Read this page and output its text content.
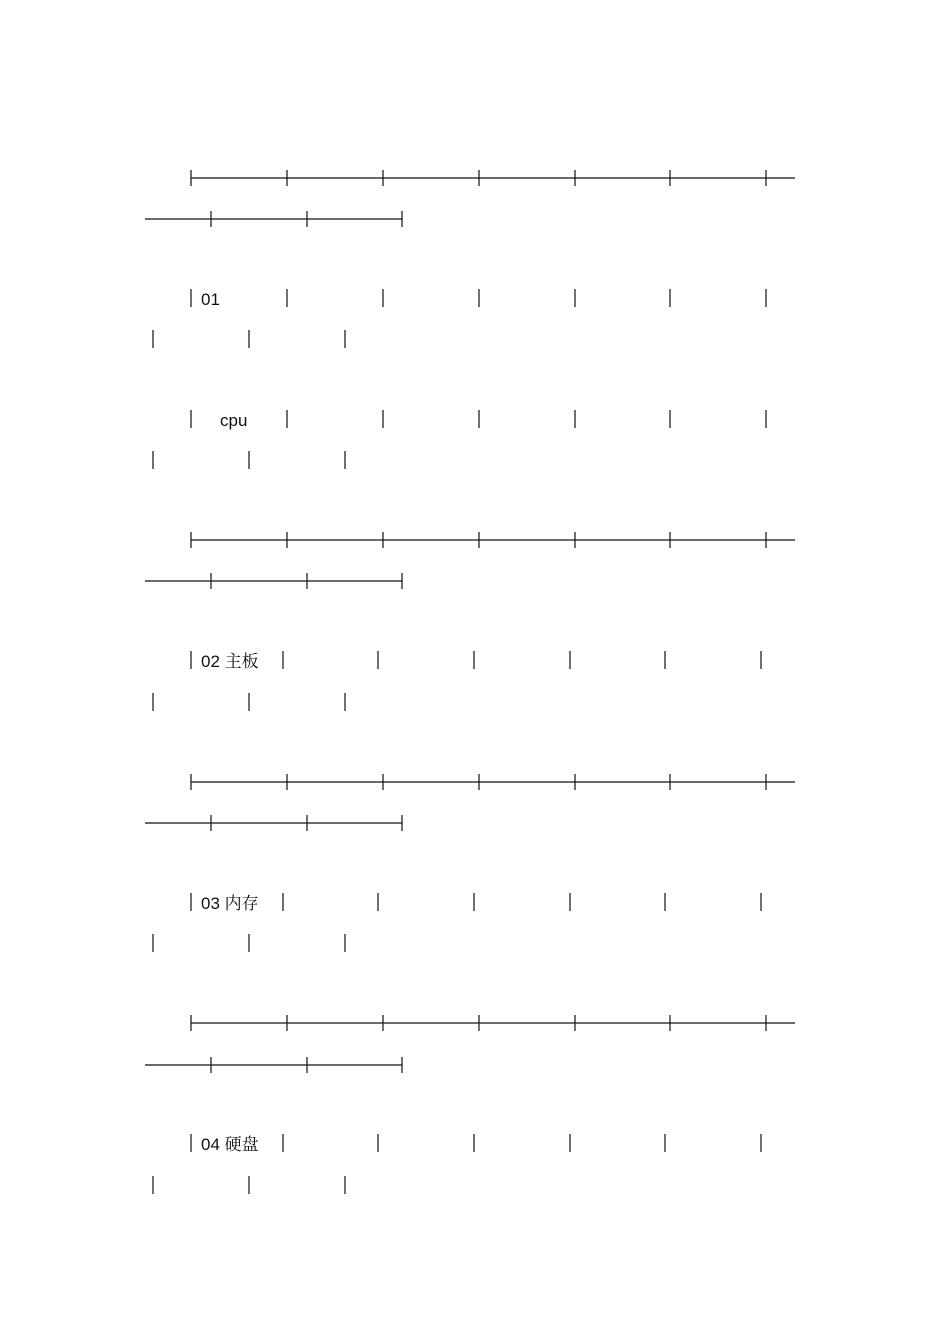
01
cpu
02 主板
03 内存
04 硬盘
